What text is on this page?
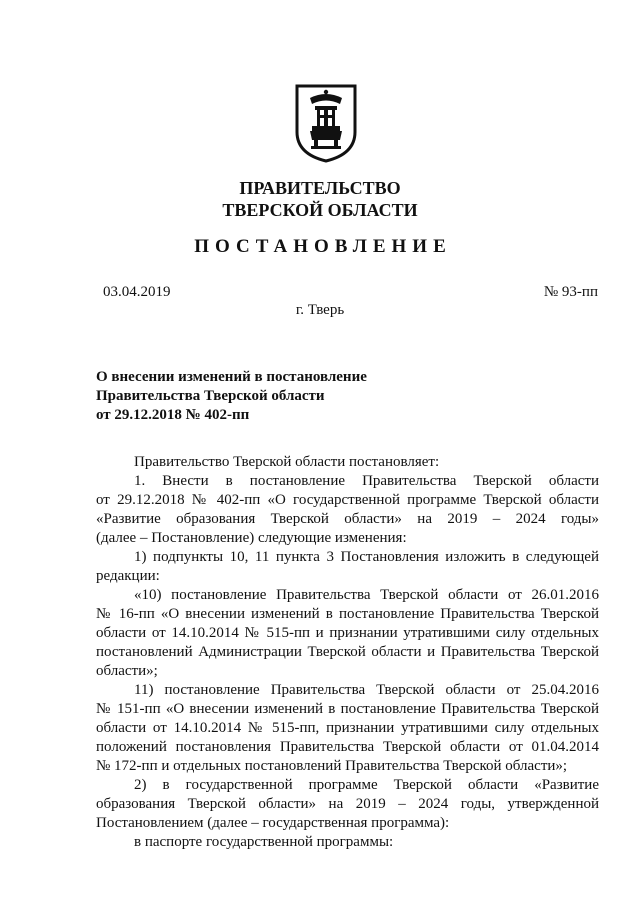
ПРАВИТЕЛЬСТВО
ТВЕРСКОЙ ОБЛАСТИ
ПОСТАНОВЛЕНИЕ
03.04.2019	№ 93-пп
г. Тверь
О внесении изменений в постановление
Правительства Тверской области
от 29.12.2018 № 402-пп
Правительство Тверской области постановляет:
1. Внести в постановление Правительства Тверской области
от 29.12.2018 № 402-пп «О государственной программе Тверской области
«Развитие образования Тверской области» на 2019 – 2024 годы»
(далее – Постановление) следующие изменения:
1) подпункты 10, 11 пункта 3 Постановления изложить в следующей
редакции:
«10) постановление Правительства Тверской области от 26.01.2016
№ 16-пп «О внесении изменений в постановление Правительства Тверской
области от 14.10.2014 № 515-пп и признании утратившими силу отдельных
постановлений Администрации Тверской области и Правительства Тверской
области»;
11) постановление Правительства Тверской области от 25.04.2016
№ 151-пп «О внесении изменений в постановление Правительства Тверской
области от 14.10.2014 № 515-пп, признании утратившими силу отдельных
положений постановления Правительства Тверской области от 01.04.2014
№ 172-пп и отдельных постановлений Правительства Тверской области»;
2) в государственной программе Тверской области «Развитие
образования Тверской области» на 2019 – 2024 годы, утвержденной
Постановлением (далее – государственная программа):
в паспорте государственной программы:
